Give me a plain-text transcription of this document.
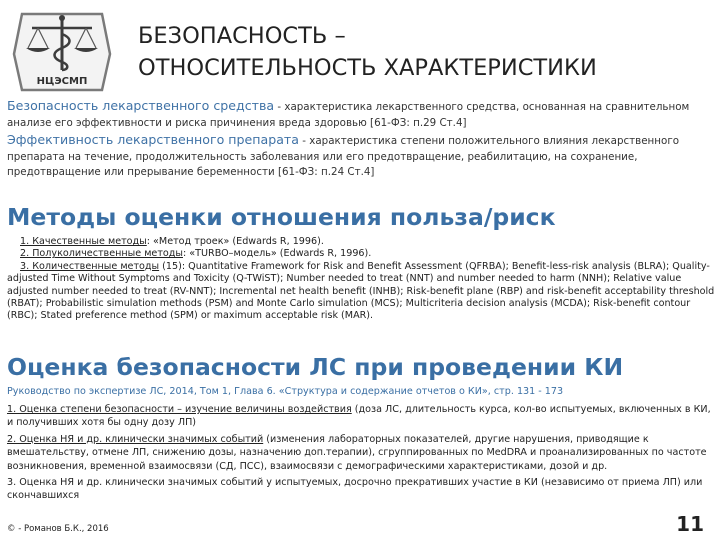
НЦЭСМП
БЕЗОПАСНОСТЬ –
ОТНОСИТЕЛЬНОСТЬ ХАРАКТЕРИСТИКИ

Безопасность лекарственного средства - характеристика лекарственного средства, основанная на сравнительном анализе его эффективности и риска причинения вреда здоровью [61-ФЗ: п.29 Ст.4]

Эффективность лекарственного препарата - характеристика степени положительного влияния лекарственного препарата на течение, продолжительность заболевания или его предотвращение, реабилитацию, на сохранение, предотвращение или прерывание беременности [61-ФЗ: п.24 Ст.4]

Методы оценки отношения польза/риск

1. Качественные методы: «Метод троек» (Edwards R, 1996).

2. Полуколичественные методы: «TURBO–модель» (Edwards R, 1996).

3. Количественные методы (15): Quantitative Framework for Risk and Benefit Assessment (QFRBA); Benefit-less-risk analysis (BLRA); Quality-adjusted Time Without Symptoms and Toxicity (Q-TWiST); Number needed to treat (NNT) and number needed to harm (NNH); Relative value adjusted number needed to treat (RV-NNT); Incremental net health benefit (INHB); Risk-benefit plane (RBP) and risk-benefit acceptability threshold (RBAT); Probabilistic simulation methods (PSM) and Monte Carlo simulation (MCS); Multicriteria decision analysis (MCDA); Risk-benefit contour (RBC); Stated preference method (SPM) or maximum acceptable risk (MAR).

Оценка безопасности ЛС при проведении КИ

Руководство по экспертизе ЛС, 2014, Том 1, Глава 6. «Структура и содержание отчетов о КИ», стр. 131 - 173

1. Оценка степени безопасности – изучение величины воздействия (доза ЛС, длительность курса, кол-во испытуемых, включенных в КИ, и получивших хотя бы одну дозу ЛП)

2. Оценка НЯ и др. клинически значимых событий (изменения лабораторных показателей, другие нарушения, приводящие к вмешательству, отмене ЛП, снижению дозы, назначению доп.терапии), сгруппированных по MedDRA и проанализированных по частоте возникновения, временной взаимосвязи (СД, ПСС), взаимосвязи с демографическими характеристиками, дозой и др.

3. Оценка НЯ и др. клинически значимых событий у испытуемых, досрочно прекративших участие в КИ (независимо от приема ЛП) или скончавшихся

© - Романов Б.К., 2016	11
